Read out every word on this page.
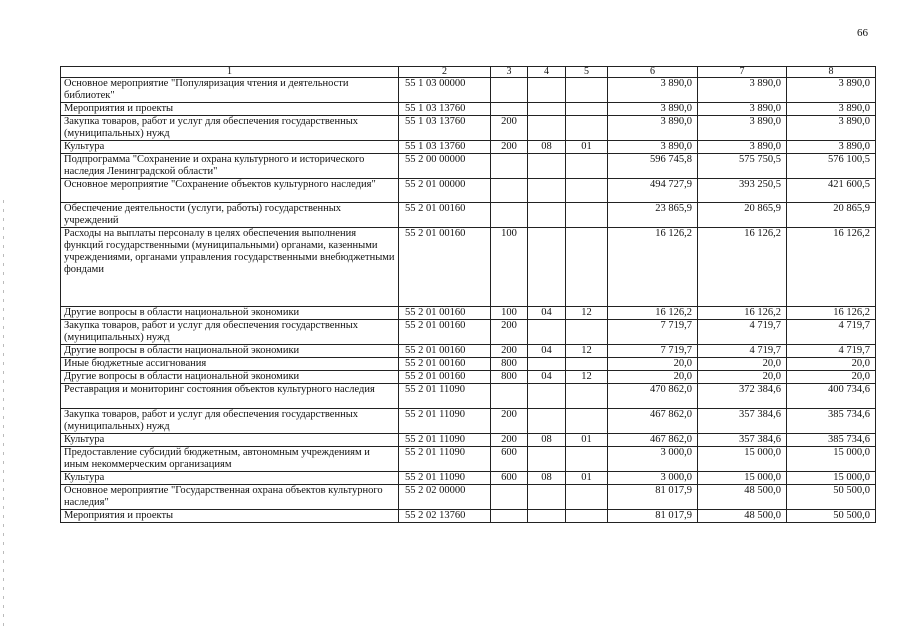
66
1	2	3	4	5	6	7	8
Основное мероприятие "Популяризация чтения и деятельности библиотек"	55 1 03 00000				3 890,0	3 890,0	3 890,0
Мероприятия и проекты	55 1 03 13760				3 890,0	3 890,0	3 890,0
Закупка товаров, работ и услуг для обеспечения государственных (муниципальных) нужд	55 1 03 13760	200			3 890,0	3 890,0	3 890,0
Культура	55 1 03 13760	200	08	01	3 890,0	3 890,0	3 890,0
Подпрограмма "Сохранение и охрана культурного и исторического наследия Ленинградской области"	55 2 00 00000				596 745,8	575 750,5	576 100,5
Основное мероприятие "Сохранение объектов культурного наследия"	55 2 01 00000				494 727,9	393 250,5	421 600,5
Обеспечение деятельности (услуги, работы) государственных учреждений	55 2 01 00160				23 865,9	20 865,9	20 865,9
Расходы на выплаты персоналу в целях обеспечения выполнения функций государственными (муниципальными) органами, казенными учреждениями, органами управления государственными внебюджетными фондами	55 2 01 00160	100			16 126,2	16 126,2	16 126,2
Другие вопросы в области национальной экономики	55 2 01 00160	100	04	12	16 126,2	16 126,2	16 126,2
Закупка товаров, работ и услуг для обеспечения государственных (муниципальных) нужд	55 2 01 00160	200			7 719,7	4 719,7	4 719,7
Другие вопросы в области национальной экономики	55 2 01 00160	200	04	12	7 719,7	4 719,7	4 719,7
Иные бюджетные ассигнования	55 2 01 00160	800			20,0	20,0	20,0
Другие вопросы в области национальной экономики	55 2 01 00160	800	04	12	20,0	20,0	20,0
Реставрация и мониторинг состояния объектов культурного наследия	55 2 01 11090				470 862,0	372 384,6	400 734,6
Закупка товаров, работ и услуг для обеспечения государственных (муниципальных) нужд	55 2 01 11090	200			467 862,0	357 384,6	385 734,6
Культура	55 2 01 11090	200	08	01	467 862,0	357 384,6	385 734,6
Предоставление субсидий бюджетным, автономным учреждениям и иным некоммерческим организациям	55 2 01 11090	600			3 000,0	15 000,0	15 000,0
Культура	55 2 01 11090	600	08	01	3 000,0	15 000,0	15 000,0
Основное мероприятие "Государственная охрана объектов культурного наследия"	55 2 02 00000				81 017,9	48 500,0	50 500,0
Мероприятия и проекты	55 2 02 13760				81 017,9	48 500,0	50 500,0
